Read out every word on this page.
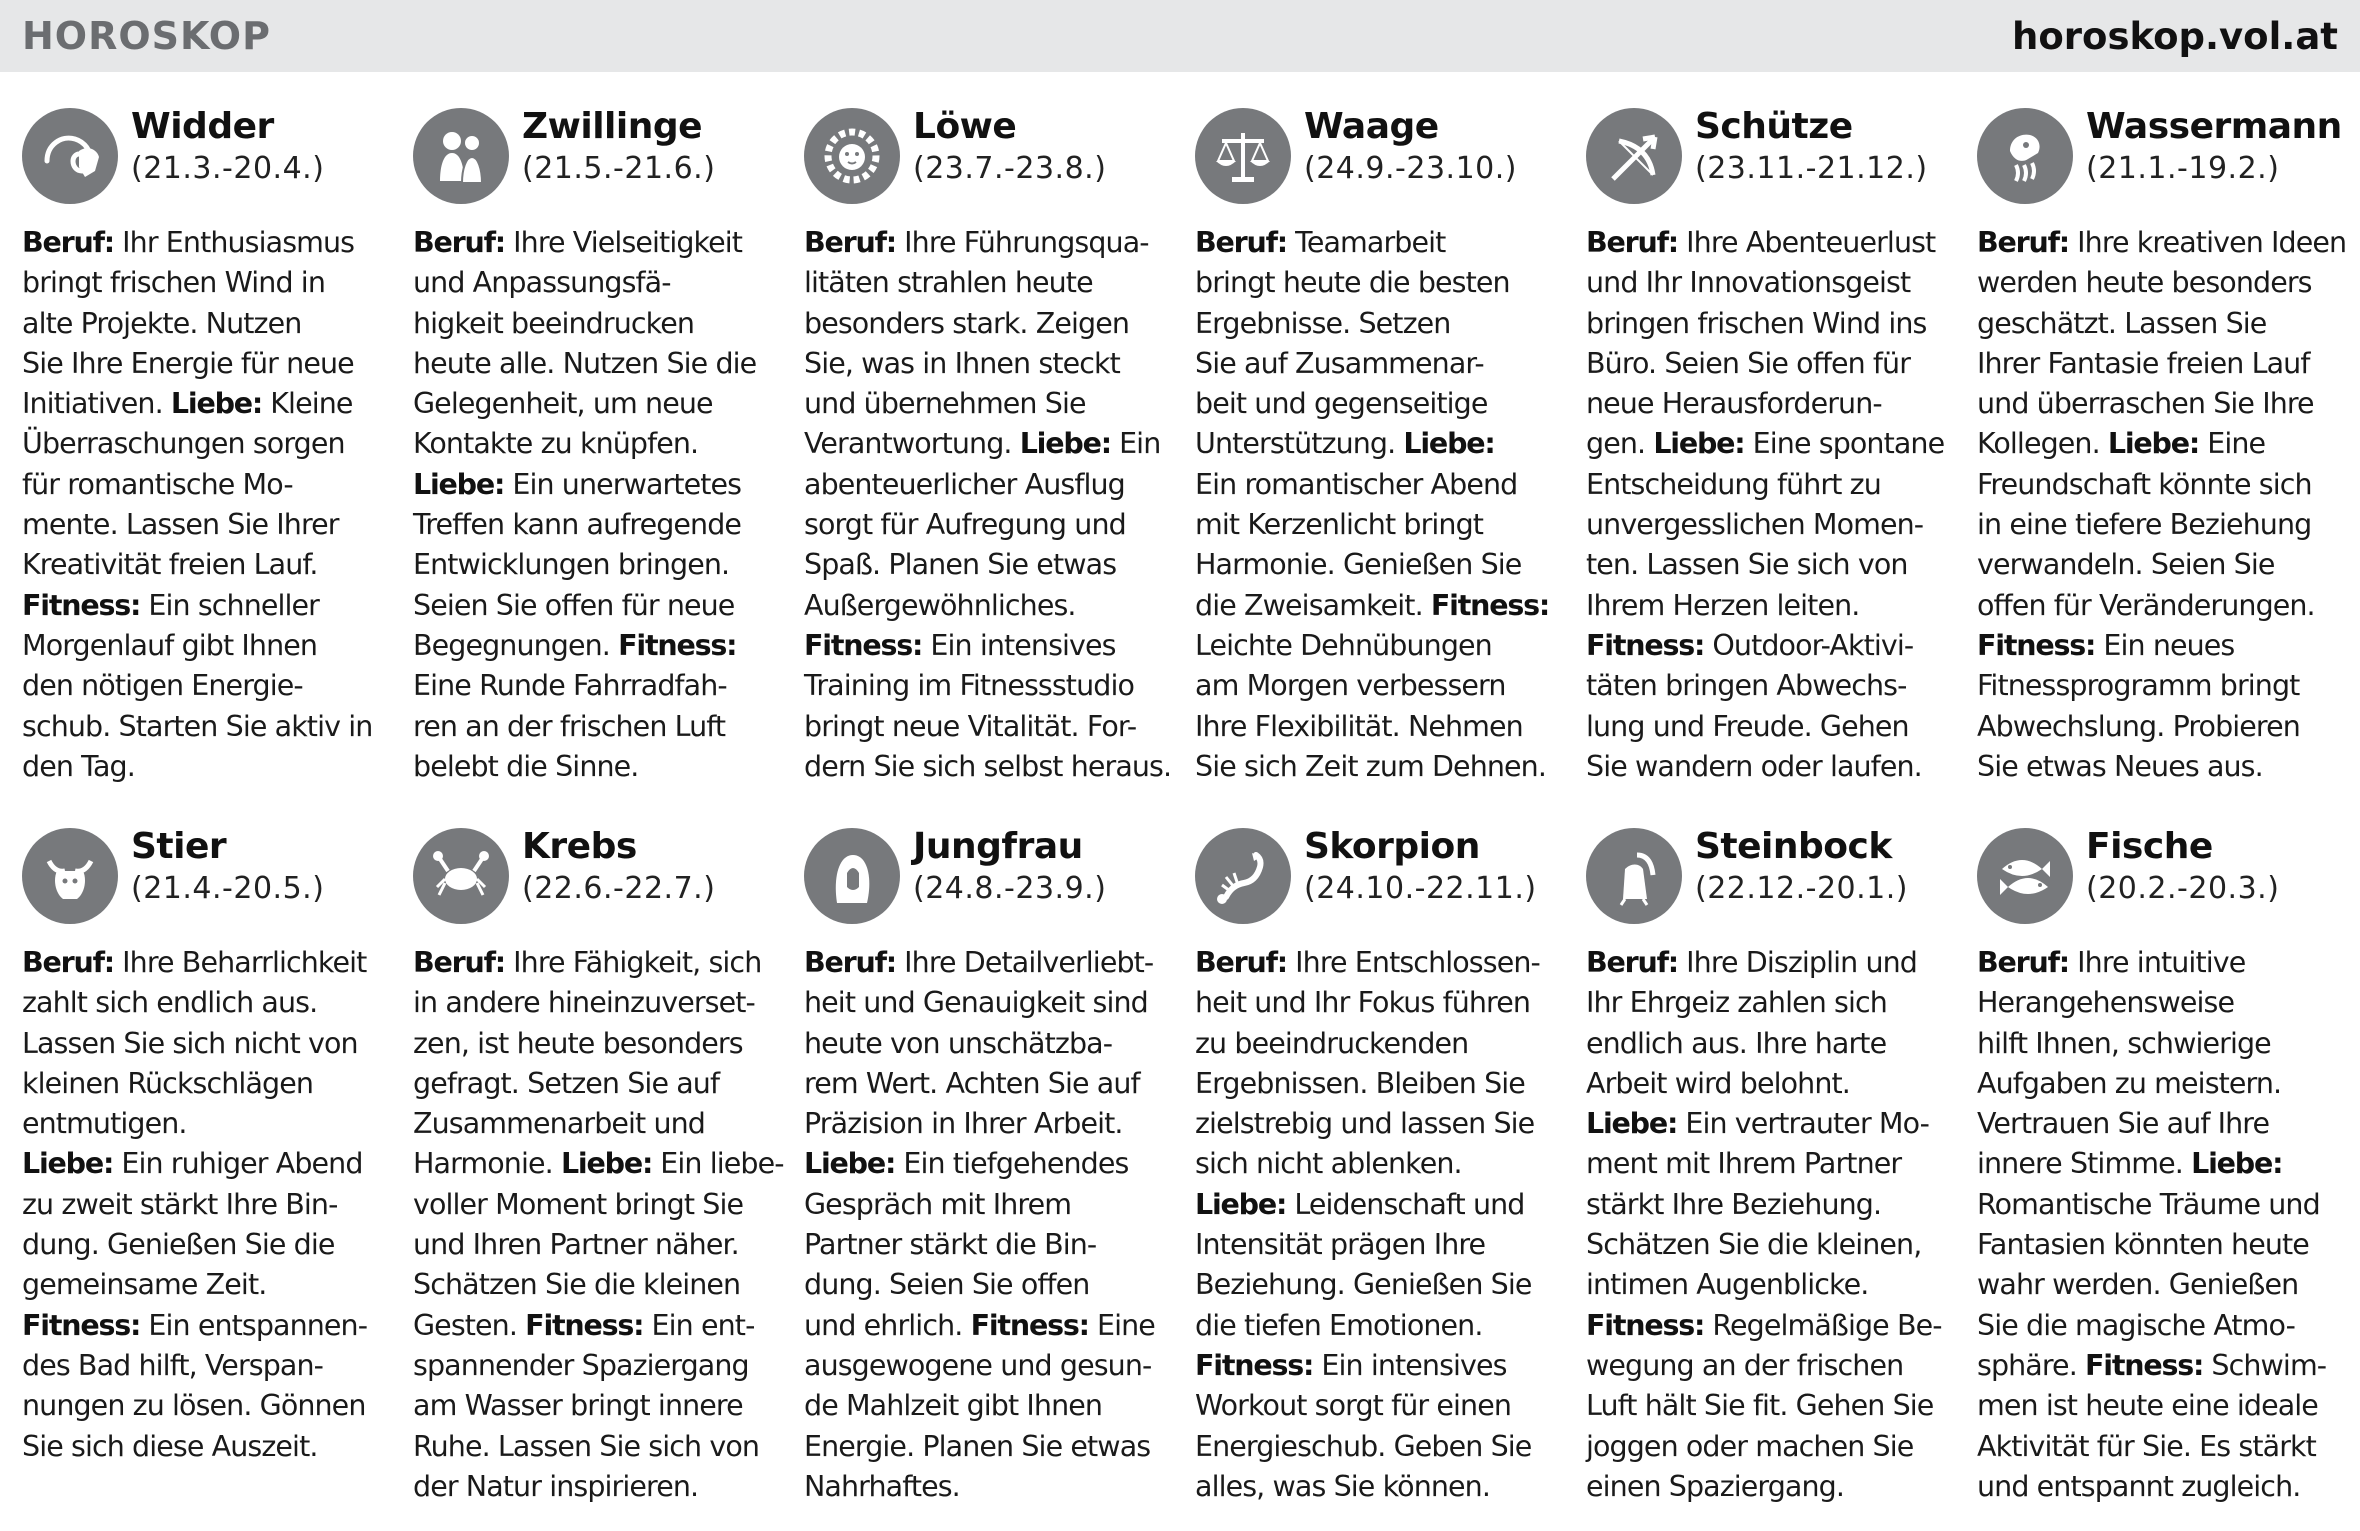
HOROSKOP	horoskop.vol.at
Widder
(21.3.-20.4.)
Beruf: Ihr Enthusiasmus
bringt frischen Wind in
alte Projekte. Nutzen
Sie Ihre Energie für neue
Initiativen. Liebe: Kleine
Überraschungen sorgen
für romantische Mo-
mente. Lassen Sie Ihrer
Kreativität freien Lauf.
Fitness: Ein schneller
Morgenlauf gibt Ihnen
den nötigen Energie-
schub. Starten Sie aktiv in
den Tag.
Zwillinge
(21.5.-21.6.)
Beruf: Ihre Vielseitigkeit
und Anpassungsfä-
higkeit beeindrucken
heute alle. Nutzen Sie die
Gelegenheit, um neue
Kontakte zu knüpfen.
Liebe: Ein unerwartetes
Treffen kann aufregende
Entwicklungen bringen.
Seien Sie offen für neue
Begegnungen. Fitness:
Eine Runde Fahrradfah-
ren an der frischen Luft
belebt die Sinne.
Löwe
(23.7.-23.8.)
Beruf: Ihre Führungsqua-
litäten strahlen heute
besonders stark. Zeigen
Sie, was in Ihnen steckt
und übernehmen Sie
Verantwortung. Liebe: Ein
abenteuerlicher Ausflug
sorgt für Aufregung und
Spaß. Planen Sie etwas
Außergewöhnliches.
Fitness: Ein intensives
Training im Fitnessstudio
bringt neue Vitalität. For-
dern Sie sich selbst heraus.
Waage
(24.9.-23.10.)
Beruf: Teamarbeit
bringt heute die besten
Ergebnisse. Setzen
Sie auf Zusammenar-
beit und gegenseitige
Unterstützung. Liebe:
Ein romantischer Abend
mit Kerzenlicht bringt
Harmonie. Genießen Sie
die Zweisamkeit. Fitness:
Leichte Dehnübungen
am Morgen verbessern
Ihre Flexibilität. Nehmen
Sie sich Zeit zum Dehnen.
Schütze
(23.11.-21.12.)
Beruf: Ihre Abenteuerlust
und Ihr Innovationsgeist
bringen frischen Wind ins
Büro. Seien Sie offen für
neue Herausforderun-
gen. Liebe: Eine spontane
Entscheidung führt zu
unvergesslichen Momen-
ten. Lassen Sie sich von
Ihrem Herzen leiten.
Fitness: Outdoor-Aktivi-
täten bringen Abwechs-
lung und Freude. Gehen
Sie wandern oder laufen.
Wassermann
(21.1.-19.2.)
Beruf: Ihre kreativen Ideen
werden heute besonders
geschätzt. Lassen Sie
Ihrer Fantasie freien Lauf
und überraschen Sie Ihre
Kollegen. Liebe: Eine
Freundschaft könnte sich
in eine tiefere Beziehung
verwandeln. Seien Sie
offen für Veränderungen.
Fitness: Ein neues
Fitnessprogramm bringt
Abwechslung. Probieren
Sie etwas Neues aus.
Stier
(21.4.-20.5.)
Beruf: Ihre Beharrlichkeit
zahlt sich endlich aus.
Lassen Sie sich nicht von
kleinen Rückschlägen
entmutigen.
Liebe: Ein ruhiger Abend
zu zweit stärkt Ihre Bin-
dung. Genießen Sie die
gemeinsame Zeit.
Fitness: Ein entspannen-
des Bad hilft, Verspan-
nungen zu lösen. Gönnen
Sie sich diese Auszeit.
Krebs
(22.6.-22.7.)
Beruf: Ihre Fähigkeit, sich
in andere hineinzuverset-
zen, ist heute besonders
gefragt. Setzen Sie auf
Zusammenarbeit und
Harmonie. Liebe: Ein liebe-
voller Moment bringt Sie
und Ihren Partner näher.
Schätzen Sie die kleinen
Gesten. Fitness: Ein ent-
spannender Spaziergang
am Wasser bringt innere
Ruhe. Lassen Sie sich von
der Natur inspirieren.
Jungfrau
(24.8.-23.9.)
Beruf: Ihre Detailverliebt-
heit und Genauigkeit sind
heute von unschätzba-
rem Wert. Achten Sie auf
Präzision in Ihrer Arbeit.
Liebe: Ein tiefgehendes
Gespräch mit Ihrem
Partner stärkt die Bin-
dung. Seien Sie offen
und ehrlich. Fitness: Eine
ausgewogene und gesun-
de Mahlzeit gibt Ihnen
Energie. Planen Sie etwas
Nahrhaftes.
Skorpion
(24.10.-22.11.)
Beruf: Ihre Entschlossen-
heit und Ihr Fokus führen
zu beeindruckenden
Ergebnissen. Bleiben Sie
zielstrebig und lassen Sie
sich nicht ablenken.
Liebe: Leidenschaft und
Intensität prägen Ihre
Beziehung. Genießen Sie
die tiefen Emotionen.
Fitness: Ein intensives
Workout sorgt für einen
Energieschub. Geben Sie
alles, was Sie können.
Steinbock
(22.12.-20.1.)
Beruf: Ihre Disziplin und
Ihr Ehrgeiz zahlen sich
endlich aus. Ihre harte
Arbeit wird belohnt.
Liebe: Ein vertrauter Mo-
ment mit Ihrem Partner
stärkt Ihre Beziehung.
Schätzen Sie die kleinen,
intimen Augenblicke.
Fitness: Regelmäßige Be-
wegung an der frischen
Luft hält Sie fit. Gehen Sie
joggen oder machen Sie
einen Spaziergang.
Fische
(20.2.-20.3.)
Beruf: Ihre intuitive
Herangehensweise
hilft Ihnen, schwierige
Aufgaben zu meistern.
Vertrauen Sie auf Ihre
innere Stimme. Liebe:
Romantische Träume und
Fantasien könnten heute
wahr werden. Genießen
Sie die magische Atmo-
sphäre. Fitness: Schwim-
men ist heute eine ideale
Aktivität für Sie. Es stärkt
und entspannt zugleich.
